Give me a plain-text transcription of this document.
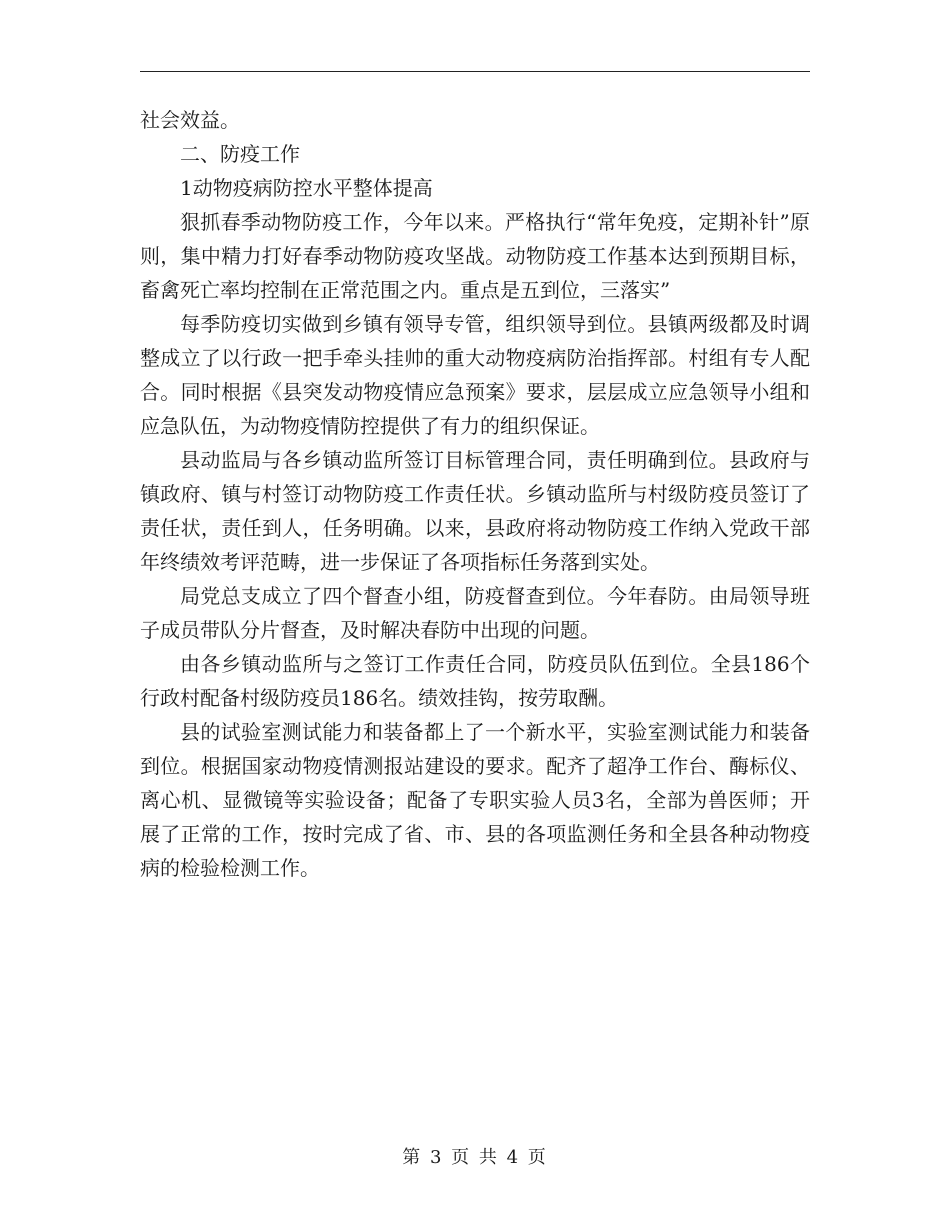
社会效益。

二、防疫工作

1动物疫病防控水平整体提高

狠抓春季动物防疫工作，今年以来。严格执行“常年免疫，定期补针”原则，集中精力打好春季动物防疫攻坚战。动物防疫工作基本达到预期目标，畜禽死亡率均控制在正常范围之内。重点是五到位，三落实”

每季防疫切实做到乡镇有领导专管，组织领导到位。县镇两级都及时调整成立了以行政一把手牵头挂帅的重大动物疫病防治指挥部。村组有专人配合。同时根据《县突发动物疫情应急预案》要求，层层成立应急领导小组和应急队伍，为动物疫情防控提供了有力的组织保证。

县动监局与各乡镇动监所签订目标管理合同，责任明确到位。县政府与镇政府、镇与村签订动物防疫工作责任状。乡镇动监所与村级防疫员签订了责任状，责任到人，任务明确。以来，县政府将动物防疫工作纳入党政干部年终绩效考评范畴，进一步保证了各项指标任务落到实处。

局党总支成立了四个督查小组，防疫督查到位。今年春防。由局领导班子成员带队分片督查，及时解决春防中出现的问题。

由各乡镇动监所与之签订工作责任合同，防疫员队伍到位。全县186个行政村配备村级防疫员186名。绩效挂钩，按劳取酬。

县的试验室测试能力和装备都上了一个新水平，实验室测试能力和装备到位。根据国家动物疫情测报站建设的要求。配齐了超净工作台、酶标仪、离心机、显微镜等实验设备；配备了专职实验人员3名，全部为兽医师；开展了正常的工作，按时完成了省、市、县的各项监测任务和全县各种动物疫病的检验检测工作。

第 3 页 共 4 页
